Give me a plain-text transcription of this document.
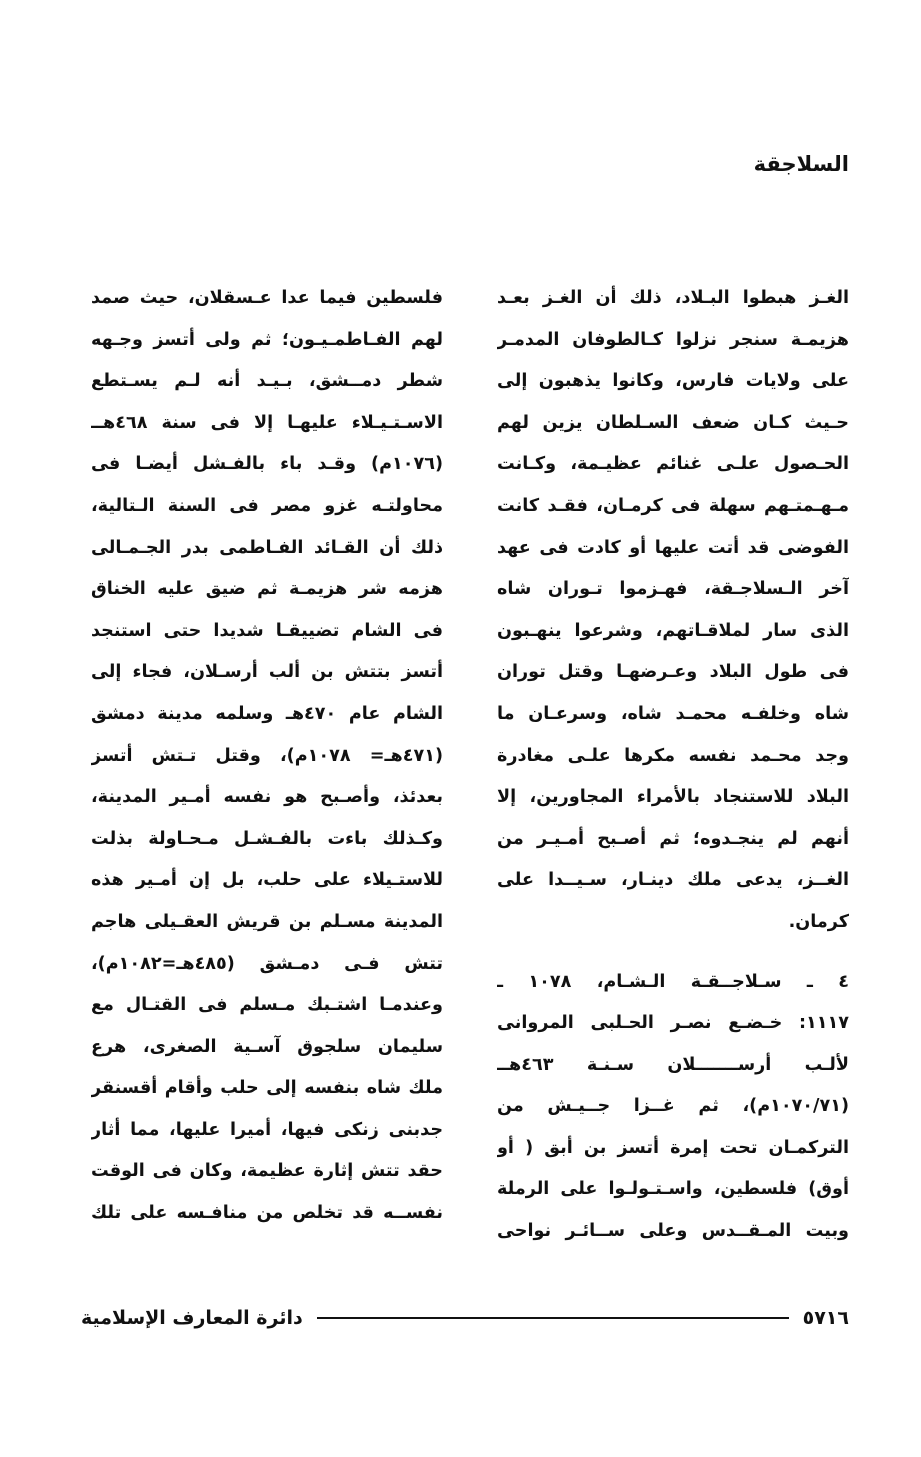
السلاجقة
الغـز هبطوا البـلاد، ذلك أن الغـز بعـد
هزيمـة سنجر نزلوا كـالطوفان المدمـر
على ولايات فارس، وكانوا يذهبون إلى
حـيث كـان ضعف السـلطان يزين لهم
الحـصول علـى غنائم عظيـمة، وكـانت
مـهـمتـهم سهلة فى كرمـان، فقـد كانت
الفوضى قد أتت عليها أو كادت فى عهد
آخر الـسلاجـقة، فهـزموا تـوران شاه
الذى سار لملاقـاتهم، وشرعوا ينهـبون
فى طول البلاد وعـرضهـا وقتل توران
شاه وخلفـه محمـد شاه، وسرعـان ما
وجد محـمد نفسه مكرها علـى مغادرة
البلاد للاستنجاد بالأمراء المجاورين، إلا
أنهم لم ينجـدوه؛ ثم أصـبح أمـيـر من
الغــز، يدعى ملك دينـار، سـيــدا على
كرمان.
٤ ـ سـلاجــقـة الـشـام، ١٠٧٨ ـ
١١١٧: خـضـع نصـر الحـلبى المروانى
لألـب أرســـــــلان سـنـة ٤٦٣هــ
(١٠٧٠/٧١م)، ثم غــزا جــيـش من
التركمـان تحت إمرة أتسز بن أبق ( أو
أوق) فلسطين، واسـتـولـوا على الرملة
وبيت المـقــدس وعلى ســائـر نواحى
فلسطين فيما عدا عـسقلان، حيث صمد
لهم الفـاطمـيـون؛ ثم ولى أتسز وجـهه
شطر دمــشق، بـيـد أنه لـم يسـتطع
الاسـتـيـلاء عليهـا إلا فى سنة ٤٦٨هــ
(١٠٧٦م) وقـد باء بالفـشل أيضـا فى
محاولتـه غزو مصر فى السنة الـتالية،
ذلك أن القـائد الفـاطمى بدر الجـمـالى
هزمه شر هزيمـة ثم ضيق عليه الخناق
فى الشام تضييقـا شديدا حتى استنجد
أتسز بتتش بن ألب أرسـلان، فجاء إلى
الشام عام ٤٧٠هـ وسلمه مدينة دمشق
(٤٧١هـ= ١٠٧٨م)، وقتل تـتش أتسز
بعدئذ، وأصـبح هو نفسه أمـير المدينة،
وكـذلك باءت بالفـشـل مـحـاولة بذلت
للاستـيلاء على حلب، بل إن أمـير هذه
المدينة مسـلم بن قريش العقـيلى هاجم
تتش فـى دمـشق (٤٨٥هـ=١٠٨٢م)،
وعندمـا اشتـبك مـسلم فى القتـال مع
سليمان سلجوق آسـية الصغرى، هرع
ملك شاه بنفسه إلى حلب وأقام أقسنقر
جدبنى زنكى فيها، أميرا عليها، مما أثار
حقد تتش إثارة عظيمة، وكان فى الوقت
نفســه قد تخلص من منافـسه على تلك
٥٧١٦
دائرة المعارف الإسلامية
